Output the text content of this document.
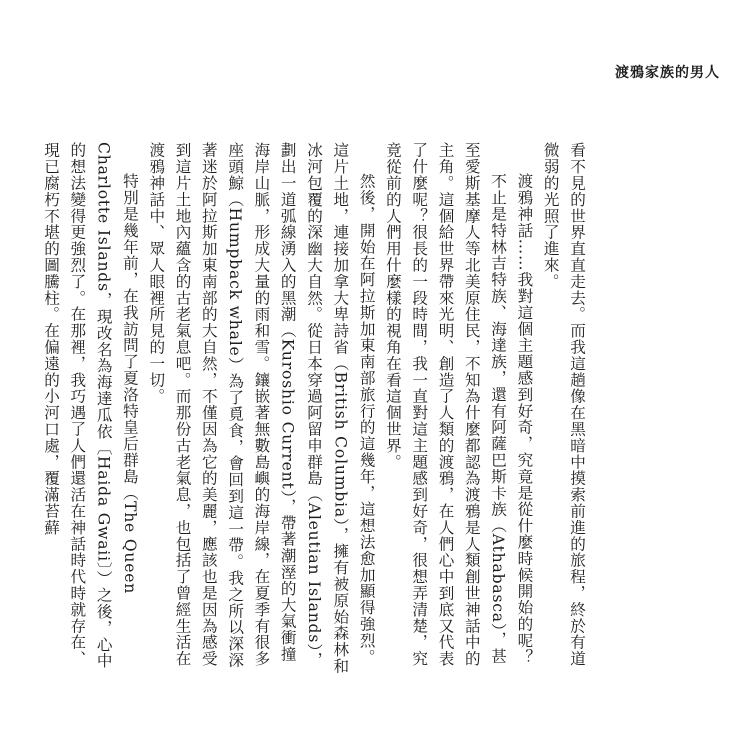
渡鴉家族的男人

看不見的世界直直走去。而我這趟像在黑暗中摸索前進的旅程，終於有道微弱的光照了進來。

渡鴉神話……我對這個主題感到好奇，究竟是從什麼時候開始的呢？

不止是特林吉特族、海達族，還有阿薩巴斯卡族（Athabasca），甚至愛斯基摩人等北美原住民，不知為什麼都認為渡鴉是人類創世神話中的主角。這個給世界帶來光明、創造了人類的渡鴉，在人們心中到底又代表了什麼呢？很長的一段時間，我一直對這主題感到好奇，很想弄清楚，究竟從前的人們用什麼樣的視角在看這個世界。

然後，開始在阿拉斯加東南部旅行的這幾年，這想法愈加顯得強烈。這片土地，連接加拿大卑詩省（British Columbia），擁有被原始森林和冰河包覆的深幽大自然。從日本穿過阿留申群島（Aleutian Islands），劃出一道弧線湧入的黑潮（Kuroshio Current），帶著潮溼的大氣衝撞海岸山脈，形成大量的雨和雪。鑲嵌著無數島嶼的海岸線，在夏季有很多座頭鯨（Humpback whale）為了覓食，會回到這一帶。我之所以深深著迷於阿拉斯加東南部的大自然，不僅因為它的美麗，應該也是因為感受到這片土地內蘊含的古老氣息吧。而那份古老氣息，也包括了曾經生活在渡鴉神話中、眾人眼裡所見的一切。

特別是幾年前，在我訪問了夏洛特皇后群島（The Queen Charlotte Islands，現改名為海達瓜依〔Haida Gwaii〕）之後，心中的想法變得更強烈了。在那裡，我巧遇了人們還活在神話時代時就存在、現已腐朽不堪的圖騰柱。在偏遠的小河口處，覆滿苔蘚
